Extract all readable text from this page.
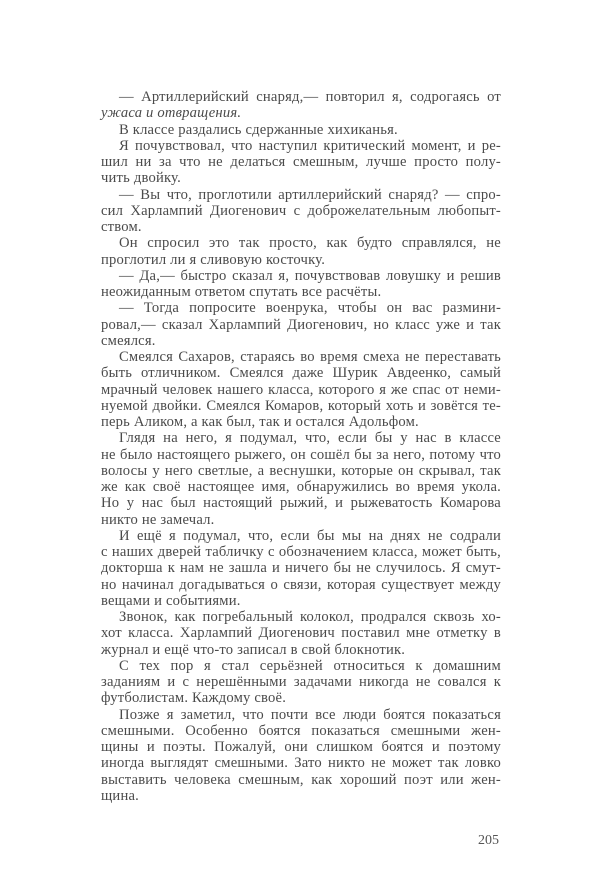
— Артиллерийский снаряд,— повторил я, содрогаясь от
ужаса и отвращения.
В классе раздались сдержанные хихиканья.
Я почувствовал, что наступил критический момент, и ре-
шил ни за что не делаться смешным, лучше просто полу-
чить двойку.
— Вы что, проглотили артиллерийский снаряд? — спро-
сил Харлампий Диогенович с доброжелательным любопыт-
ством.
Он спросил это так просто, как будто справлялся, не
проглотил ли я сливовую косточку.
— Да,— быстро сказал я, почувствовав ловушку и решив
неожиданным ответом спутать все расчёты.
— Тогда попросите военрука, чтобы он вас размини-
ровал,— сказал Харлампий Диогенович, но класс уже и так
смеялся.
Смеялся Сахаров, стараясь во время смеха не переставать
быть отличником. Смеялся даже Шурик Авдеенко, самый
мрачный человек нашего класса, которого я же спас от неми-
нуемой двойки. Смеялся Комаров, который хоть и зовётся те-
перь Аликом, а как был, так и остался Адольфом.
Глядя на него, я подумал, что, если бы у нас в классе
не было настоящего рыжего, он сошёл бы за него, потому что
волосы у него светлые, а веснушки, которые он скрывал, так
же как своё настоящее имя, обнаружились во время укола.
Но у нас был настоящий рыжий, и рыжеватость Комарова
никто не замечал.
И ещё я подумал, что, если бы мы на днях не содрали
с наших дверей табличку с обозначением класса, может быть,
докторша к нам не зашла и ничего бы не случилось. Я смут-
но начинал догадываться о связи, которая существует между
вещами и событиями.
Звонок, как погребальный колокол, продрался сквозь хо-
хот класса. Харлампий Диогенович поставил мне отметку в
журнал и ещё что-то записал в свой блокнотик.
С тех пор я стал серьёзней относиться к домашним
заданиям и с нерешёнными задачами никогда не совался к
футболистам. Каждому своё.
Позже я заметил, что почти все люди боятся показаться
смешными. Особенно боятся показаться смешными жен-
щины и поэты. Пожалуй, они слишком боятся и поэтому
иногда выглядят смешными. Зато никто не может так ловко
выставить человека смешным, как хороший поэт или жен-
щина.
205
